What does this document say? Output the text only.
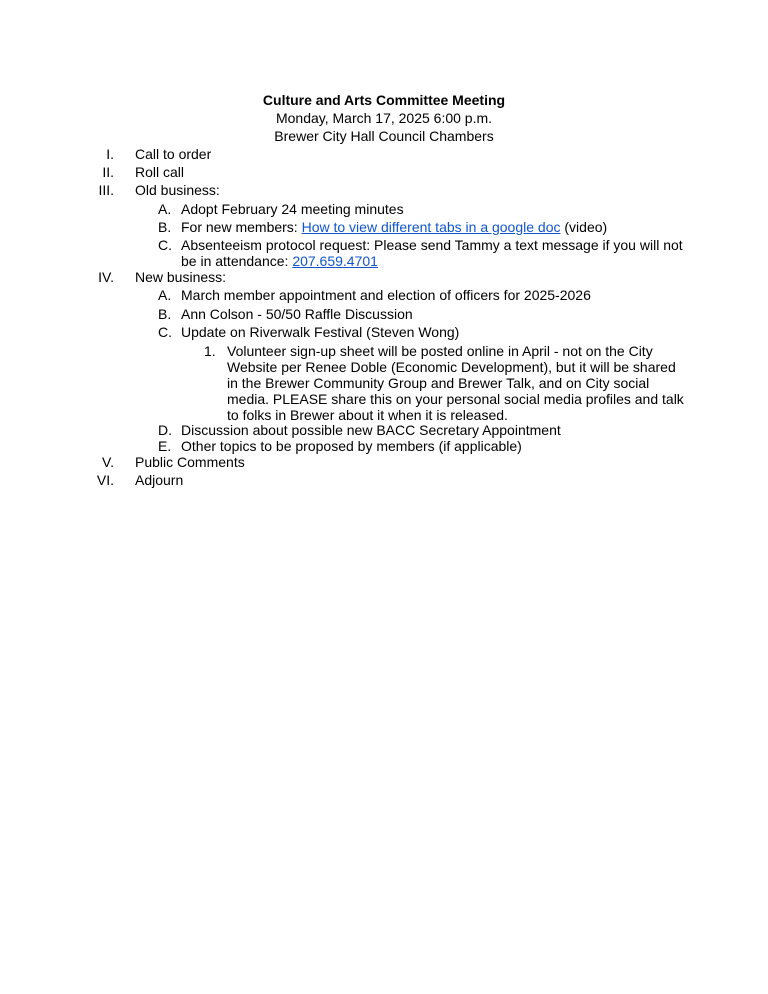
Culture and Arts Committee Meeting
Monday, March 17, 2025 6:00 p.m.
Brewer City Hall Council Chambers
I. Call to order
II. Roll call
III. Old business:
A. Adopt February 24 meeting minutes
B. For new members: How to view different tabs in a google doc (video)
C. Absenteeism protocol request: Please send Tammy a text message if you will not
be in attendance: 207.659.4701
IV. New business:
A. March member appointment and election of officers for 2025-2026
B. Ann Colson - 50/50 Raffle Discussion
C. Update on Riverwalk Festival (Steven Wong)
1. Volunteer sign-up sheet will be posted online in April - not on the City
Website per Renee Doble (Economic Development), but it will be shared
in the Brewer Community Group and Brewer Talk, and on City social
media. PLEASE share this on your personal social media profiles and talk
to folks in Brewer about it when it is released.
D. Discussion about possible new BACC Secretary Appointment
E. Other topics to be proposed by members (if applicable)
V. Public Comments
VI. Adjourn
